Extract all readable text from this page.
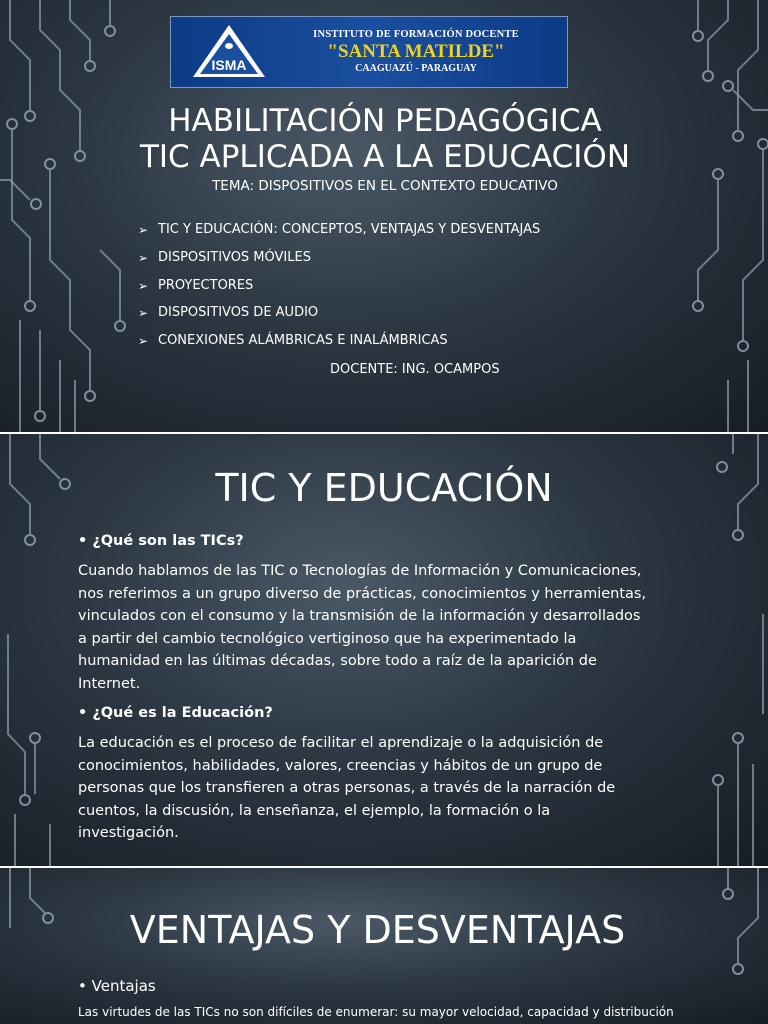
ISMA
INSTITUTO DE FORMACIÓN DOCENTE
"SANTA MATILDE"
CAAGUAZÚ - PARAGUAY
HABILITACIÓN PEDAGÓGICA
TIC APLICADA A LA EDUCACIÓN
TEMA: DISPOSITIVOS EN EL CONTEXTO EDUCATIVO
➢ TIC Y EDUCACIÓN: CONCEPTOS, VENTAJAS Y DESVENTAJAS
➢ DISPOSITIVOS MÓVILES
➢ PROYECTORES
➢ DISPOSITIVOS DE AUDIO
➢ CONEXIONES ALÁMBRICAS E INALÁMBRICAS
DOCENTE: ING. OCAMPOS
TIC Y EDUCACIÓN
• ¿Qué son las TICs?
Cuando hablamos de las TIC o Tecnologías de Información y Comunicaciones,
nos referimos a un grupo diverso de prácticas, conocimientos y herramientas,
vinculados con el consumo y la transmisión de la información y desarrollados
a partir del cambio tecnológico vertiginoso que ha experimentado la
humanidad en las últimas décadas, sobre todo a raíz de la aparición de
Internet.
• ¿Qué es la Educación?
La educación es el proceso de facilitar el aprendizaje o la adquisición de
conocimientos, habilidades, valores, creencias y hábitos de un grupo de
personas que los transfieren a otras personas, a través de la narración de
cuentos, la discusión, la enseñanza, el ejemplo, la formación o la
investigación.
VENTAJAS Y DESVENTAJAS
• Ventajas
Las virtudes de las TICs no son difíciles de enumerar: su mayor velocidad, capacidad y distribución
